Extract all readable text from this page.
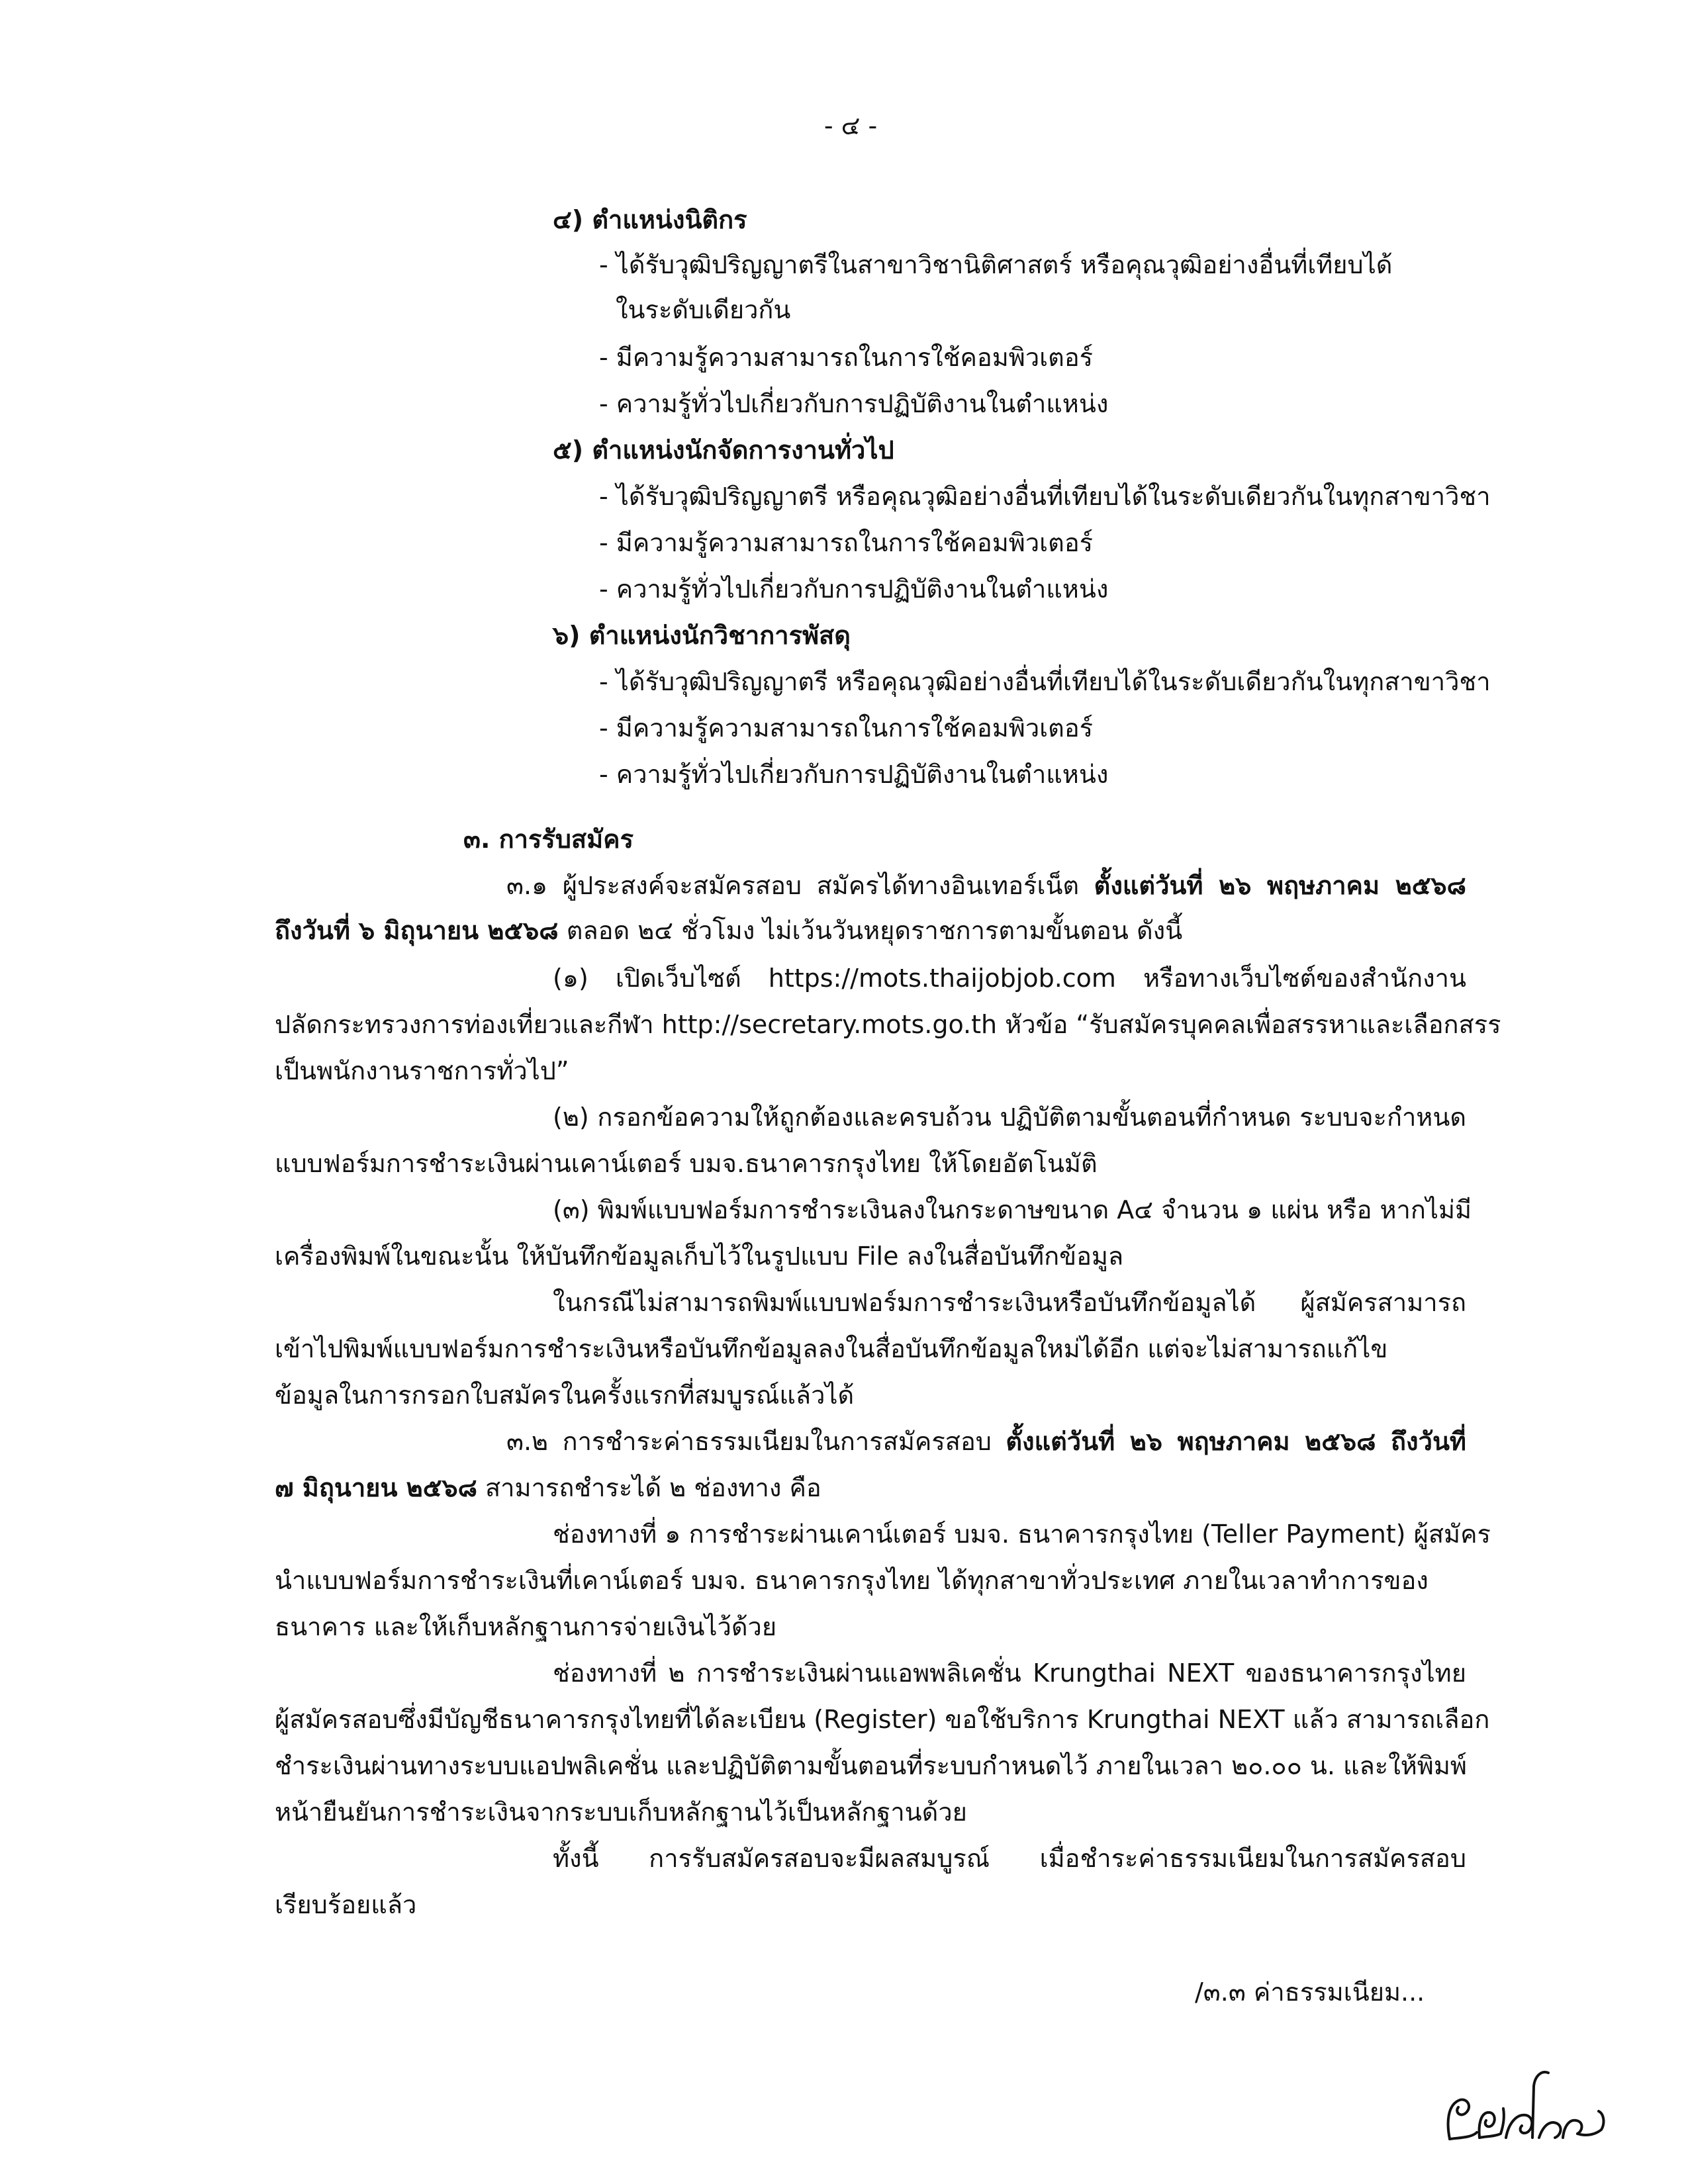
- ๔ -
๔) ตำแหน่งนิติกร
- ได้รับวุฒิปริญญาตรีในสาขาวิชานิติศาสตร์ หรือคุณวุฒิอย่างอื่นที่เทียบได้
ในระดับเดียวกัน
- มีความรู้ความสามารถในการใช้คอมพิวเตอร์
- ความรู้ทั่วไปเกี่ยวกับการปฏิบัติงานในตำแหน่ง
๕) ตำแหน่งนักจัดการงานทั่วไป
- ได้รับวุฒิปริญญาตรี หรือคุณวุฒิอย่างอื่นที่เทียบได้ในระดับเดียวกันในทุกสาขาวิชา
- มีความรู้ความสามารถในการใช้คอมพิวเตอร์
- ความรู้ทั่วไปเกี่ยวกับการปฏิบัติงานในตำแหน่ง
๖) ตำแหน่งนักวิชาการพัสดุ
- ได้รับวุฒิปริญญาตรี หรือคุณวุฒิอย่างอื่นที่เทียบได้ในระดับเดียวกันในทุกสาขาวิชา
- มีความรู้ความสามารถในการใช้คอมพิวเตอร์
- ความรู้ทั่วไปเกี่ยวกับการปฏิบัติงานในตำแหน่ง
๓. การรับสมัคร
๓.๑ ผู้ประสงค์จะสมัครสอบ สมัครได้ทางอินเทอร์เน็ต ตั้งแต่วันที่ ๒๖ พฤษภาคม ๒๕๖๘
ถึงวันที่ ๖ มิถุนายน ๒๕๖๘ ตลอด ๒๔ ชั่วโมง ไม่เว้นวันหยุดราชการตามขั้นตอน ดังนี้
(๑) เปิดเว็บไซต์ https://mots.thaijobjob.com หรือทางเว็บไซต์ของสำนักงาน
ปลัดกระทรวงการท่องเที่ยวและกีฬา http://secretary.mots.go.th หัวข้อ “รับสมัครบุคคลเพื่อสรรหาและเลือกสรร
เป็นพนักงานราชการทั่วไป”
(๒) กรอกข้อความให้ถูกต้องและครบถ้วน ปฏิบัติตามขั้นตอนที่กำหนด ระบบจะกำหนด
แบบฟอร์มการชำระเงินผ่านเคาน์เตอร์ บมจ.ธนาคารกรุงไทย ให้โดยอัตโนมัติ
(๓) พิมพ์แบบฟอร์มการชำระเงินลงในกระดาษขนาด A๔ จำนวน ๑ แผ่น หรือ หากไม่มี
เครื่องพิมพ์ในขณะนั้น ให้บันทึกข้อมูลเก็บไว้ในรูปแบบ File ลงในสื่อบันทึกข้อมูล
ในกรณีไม่สามารถพิมพ์แบบฟอร์มการชำระเงินหรือบันทึกข้อมูลได้ ผู้สมัครสามารถ
เข้าไปพิมพ์แบบฟอร์มการชำระเงินหรือบันทึกข้อมูลลงในสื่อบันทึกข้อมูลใหม่ได้อีก แต่จะไม่สามารถแก้ไข
ข้อมูลในการกรอกใบสมัครในครั้งแรกที่สมบูรณ์แล้วได้
๓.๒ การชำระค่าธรรมเนียมในการสมัครสอบ ตั้งแต่วันที่ ๒๖ พฤษภาคม ๒๕๖๘ ถึงวันที่
๗ มิถุนายน ๒๕๖๘ สามารถชำระได้ ๒ ช่องทาง คือ
ช่องทางที่ ๑ การชำระผ่านเคาน์เตอร์ บมจ. ธนาคารกรุงไทย (Teller Payment) ผู้สมัคร
นำแบบฟอร์มการชำระเงินที่เคาน์เตอร์ บมจ. ธนาคารกรุงไทย ได้ทุกสาขาทั่วประเทศ ภายในเวลาทำการของ
ธนาคาร และให้เก็บหลักฐานการจ่ายเงินไว้ด้วย
ช่องทางที่ ๒ การชำระเงินผ่านแอพพลิเคชั่น Krungthai NEXT ของธนาคารกรุงไทย
ผู้สมัครสอบซึ่งมีบัญชีธนาคารกรุงไทยที่ได้ละเบียน (Register) ขอใช้บริการ Krungthai NEXT แล้ว สามารถเลือก
ชำระเงินผ่านทางระบบแอปพลิเคชั่น และปฏิบัติตามขั้นตอนที่ระบบกำหนดไว้ ภายในเวลา ๒๐.๐๐ น. และให้พิมพ์
หน้ายืนยันการชำระเงินจากระบบเก็บหลักฐานไว้เป็นหลักฐานด้วย
ทั้งนี้ การรับสมัครสอบจะมีผลสมบูรณ์ เมื่อชำระค่าธรรมเนียมในการสมัครสอบ
เรียบร้อยแล้ว
/๓.๓ ค่าธรรมเนียม...
